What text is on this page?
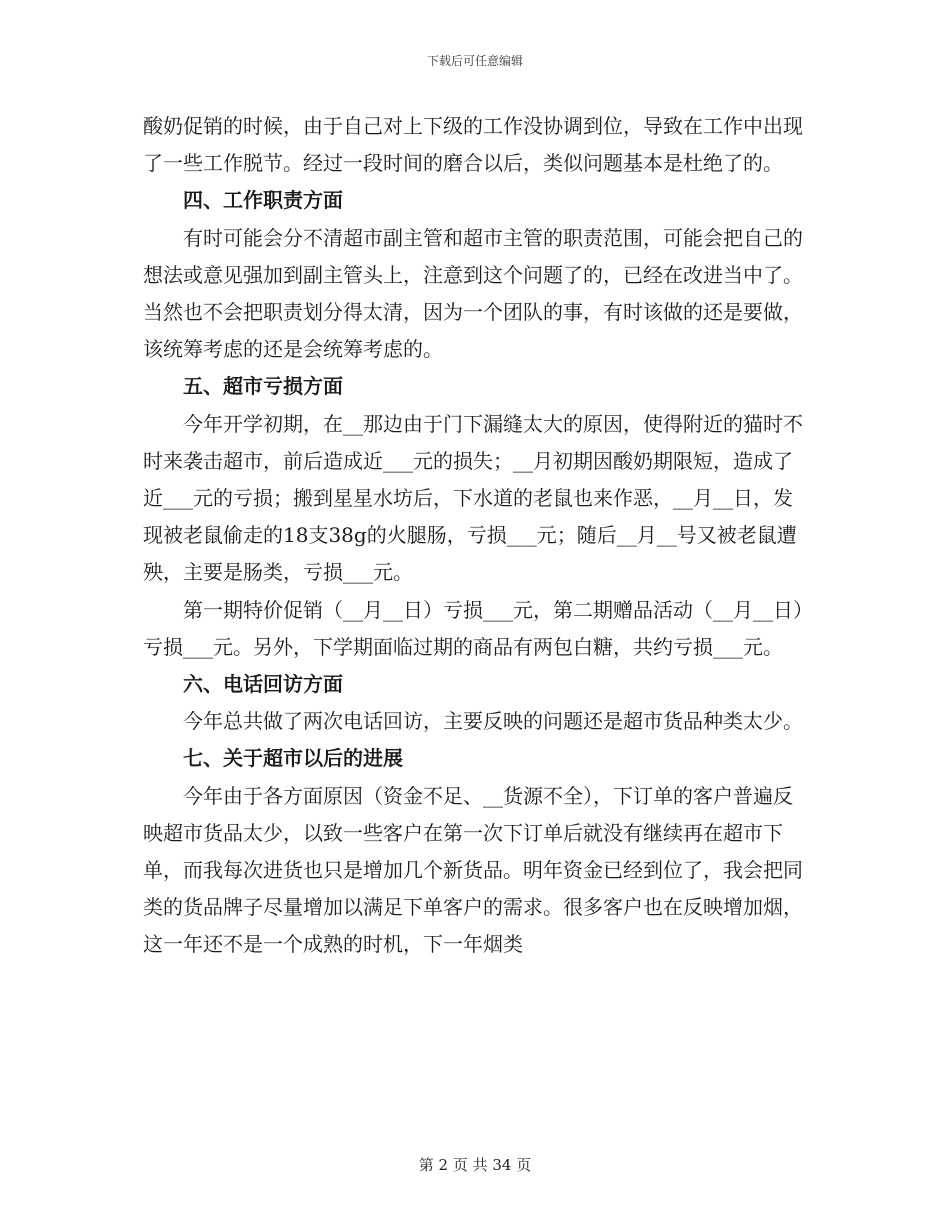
下载后可任意编辑

酸奶促销的时候，由于自己对上下级的工作没协调到位，导致在工作中出现了一些工作脱节。经过一段时间的磨合以后，类似问题基本是杜绝了的。

四、工作职责方面

有时可能会分不清超市副主管和超市主管的职责范围，可能会把自己的想法或意见强加到副主管头上，注意到这个问题了的，已经在改进当中了。当然也不会把职责划分得太清，因为一个团队的事，有时该做的还是要做，该统筹考虑的还是会统筹考虑的。

五、超市亏损方面

今年开学初期，在__那边由于门下漏缝太大的原因，使得附近的猫时不时来袭击超市，前后造成近___元的损失；__月初期因酸奶期限短，造成了近___元的亏损；搬到星星水坊后，下水道的老鼠也来作恶，__月__日，发现被老鼠偷走的18支38g的火腿肠，亏损___元；随后__月__号又被老鼠遭殃，主要是肠类，亏损___元。

第一期特价促销（__月__日）亏损___元，第二期赠品活动（__月__日）亏损___元。另外，下学期面临过期的商品有两包白糖，共约亏损___元。

六、电话回访方面

今年总共做了两次电话回访，主要反映的问题还是超市货品种类太少。

七、关于超市以后的进展

今年由于各方面原因（资金不足、__货源不全），下订单的客户普遍反映超市货品太少，以致一些客户在第一次下订单后就没有继续再在超市下单，而我每次进货也只是增加几个新货品。明年资金已经到位了，我会把同类的货品牌子尽量增加以满足下单客户的需求。很多客户也在反映增加烟，这一年还不是一个成熟的时机，下一年烟类

第 2 页 共 34 页
